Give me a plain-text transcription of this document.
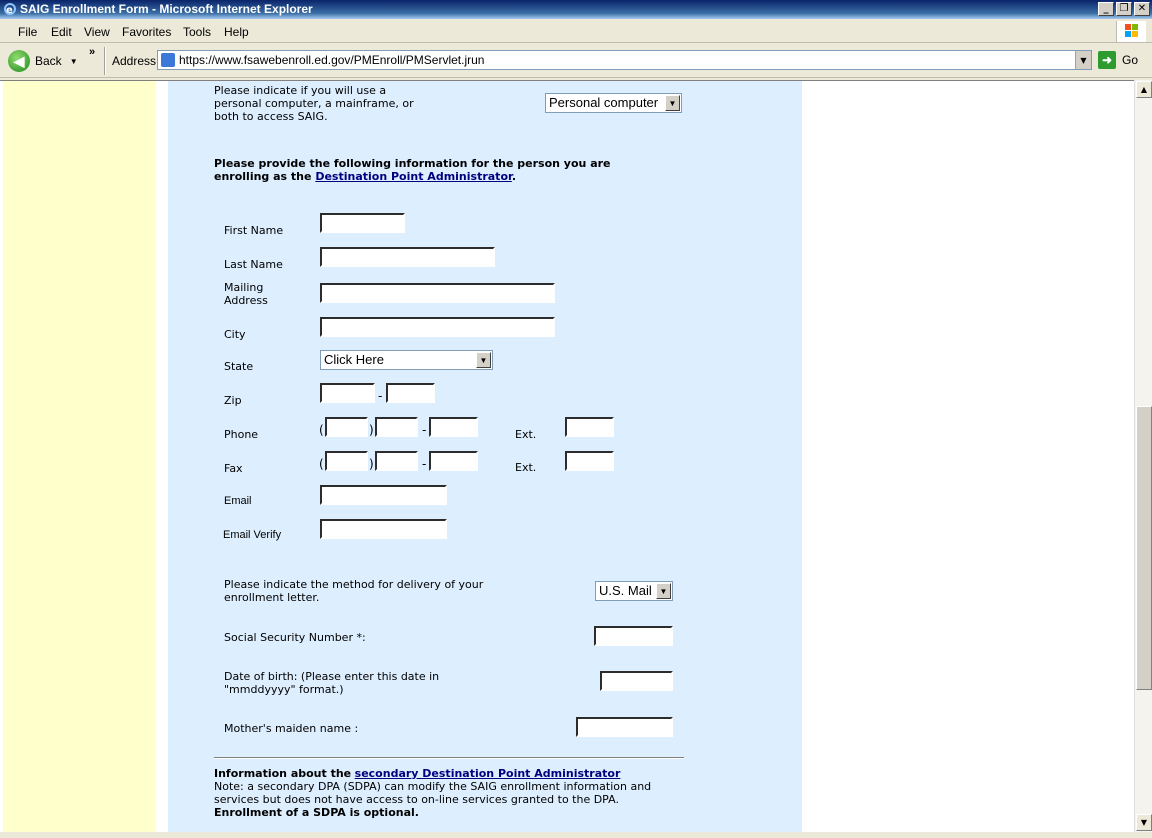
e SAIG Enrollment Form - Microsoft Internet Explorer	_	❐ ✕
File Edit View Favorites Tools Help
◀ Back ▼
»
Address https://www.fsawebenroll.ed.gov/PMEnroll/PMServlet.jrun	▼	➜ Go
Please indicate if you will use a personal computer, a mainframe, or both to access SAIG.
Personal computer	▼
Please provide the following information for the person you are enrolling as the Destination Point Administrator.
First Name
Last Name
Mailing Address
City
State	Click Here	▼
Zip	-
Phone	(	)	-	Ext.
Fax	(	)	-	Ext.
Email
Email Verify
Please indicate the method for delivery of your enrollment letter.	U.S. Mail ▼
Social Security Number *:
Date of birth: (Please enter this date in "mmddyyyy" format.)
Mother's maiden name :
Information about the secondary Destination Point Administrator
Note: a secondary DPA (SDPA) can modify the SAIG enrollment information and services but does not have access to on-line services granted to the DPA.
Enrollment of a SDPA is optional.
▲
▼
